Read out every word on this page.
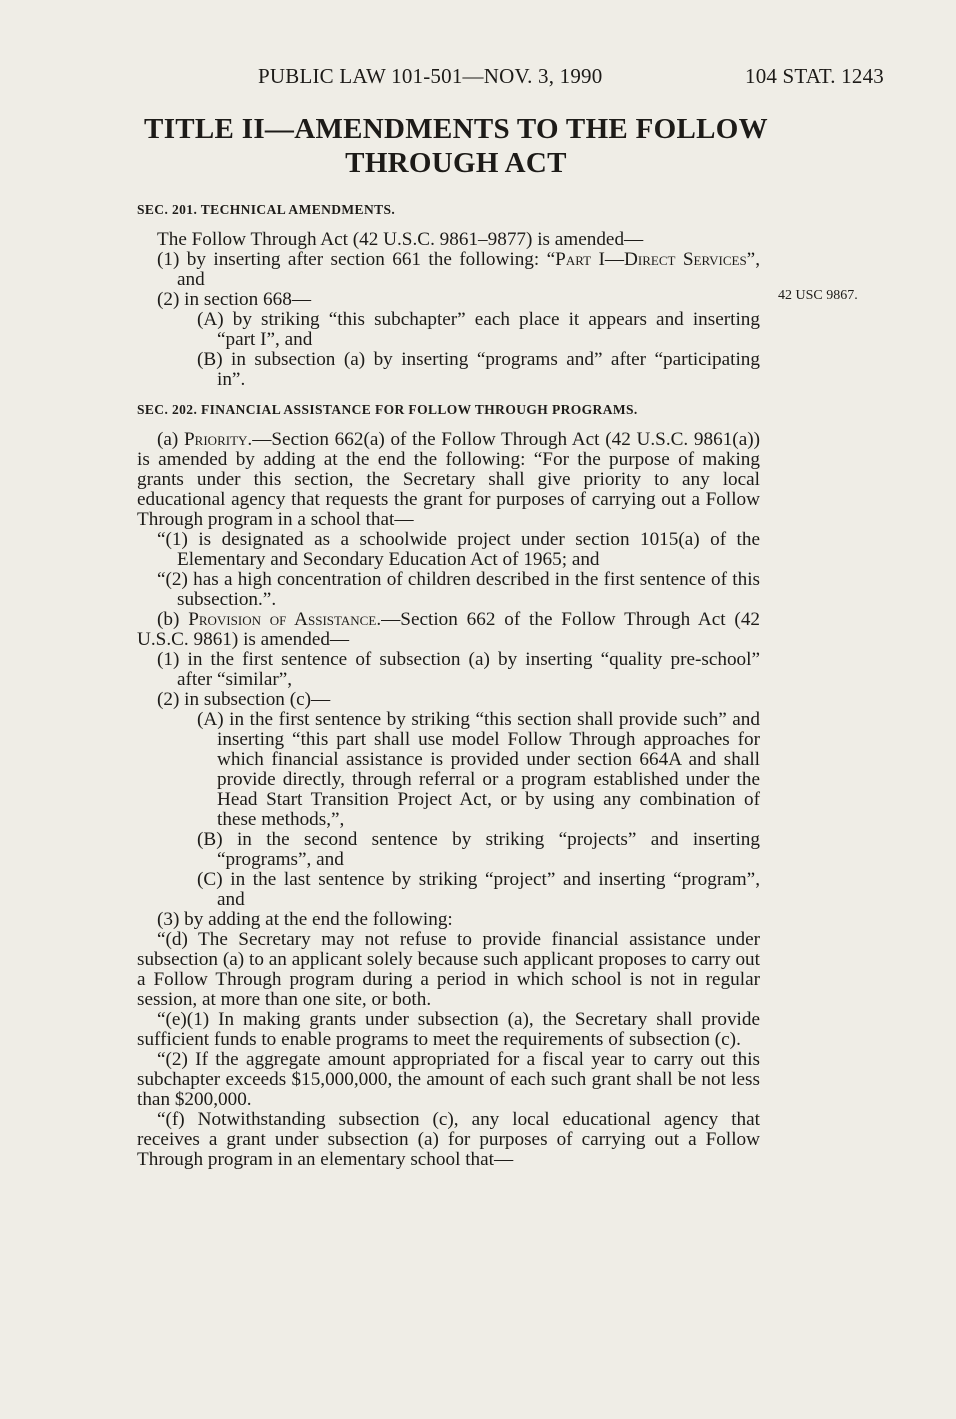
PUBLIC LAW 101-501—NOV. 3, 1990	104 STAT. 1243
TITLE II—AMENDMENTS TO THE FOLLOW
THROUGH ACT
42 USC 9867.
SEC. 201. TECHNICAL AMENDMENTS.

The Follow Through Act (42 U.S.C. 9861–9877) is amended—

(1) by inserting after section 661 the following: “Part I—Direct Services”, and

(2) in section 668—

(A) by striking “this subchapter” each place it appears and inserting “part I”, and

(B) in subsection (a) by inserting “programs and” after “participating in”.

SEC. 202. FINANCIAL ASSISTANCE FOR FOLLOW THROUGH PROGRAMS.

(a) Priority.—Section 662(a) of the Follow Through Act (42 U.S.C. 9861(a)) is amended by adding at the end the following: “For the purpose of making grants under this section, the Secretary shall give priority to any local educational agency that requests the grant for purposes of carrying out a Follow Through program in a school that—

“(1) is designated as a schoolwide project under section 1015(a) of the Elementary and Secondary Education Act of 1965; and

“(2) has a high concentration of children described in the first sentence of this subsection.”.

(b) Provision of Assistance.—Section 662 of the Follow Through Act (42 U.S.C. 9861) is amended—

(1) in the first sentence of subsection (a) by inserting “quality pre-school” after “similar”,

(2) in subsection (c)—

(A) in the first sentence by striking “this section shall provide such” and inserting “this part shall use model Follow Through approaches for which financial assistance is provided under section 664A and shall provide directly, through referral or a program established under the Head Start Transition Project Act, or by using any combination of these methods,”,

(B) in the second sentence by striking “projects” and inserting “programs”, and

(C) in the last sentence by striking “project” and inserting “program”, and

(3) by adding at the end the following:

“(d) The Secretary may not refuse to provide financial assistance under subsection (a) to an applicant solely because such applicant proposes to carry out a Follow Through program during a period in which school is not in regular session, at more than one site, or both.

“(e)(1) In making grants under subsection (a), the Secretary shall provide sufficient funds to enable programs to meet the requirements of subsection (c).

“(2) If the aggregate amount appropriated for a fiscal year to carry out this subchapter exceeds $15,000,000, the amount of each such grant shall be not less than $200,000.

“(f) Notwithstanding subsection (c), any local educational agency that receives a grant under subsection (a) for purposes of carrying out a Follow Through program in an elementary school that—
